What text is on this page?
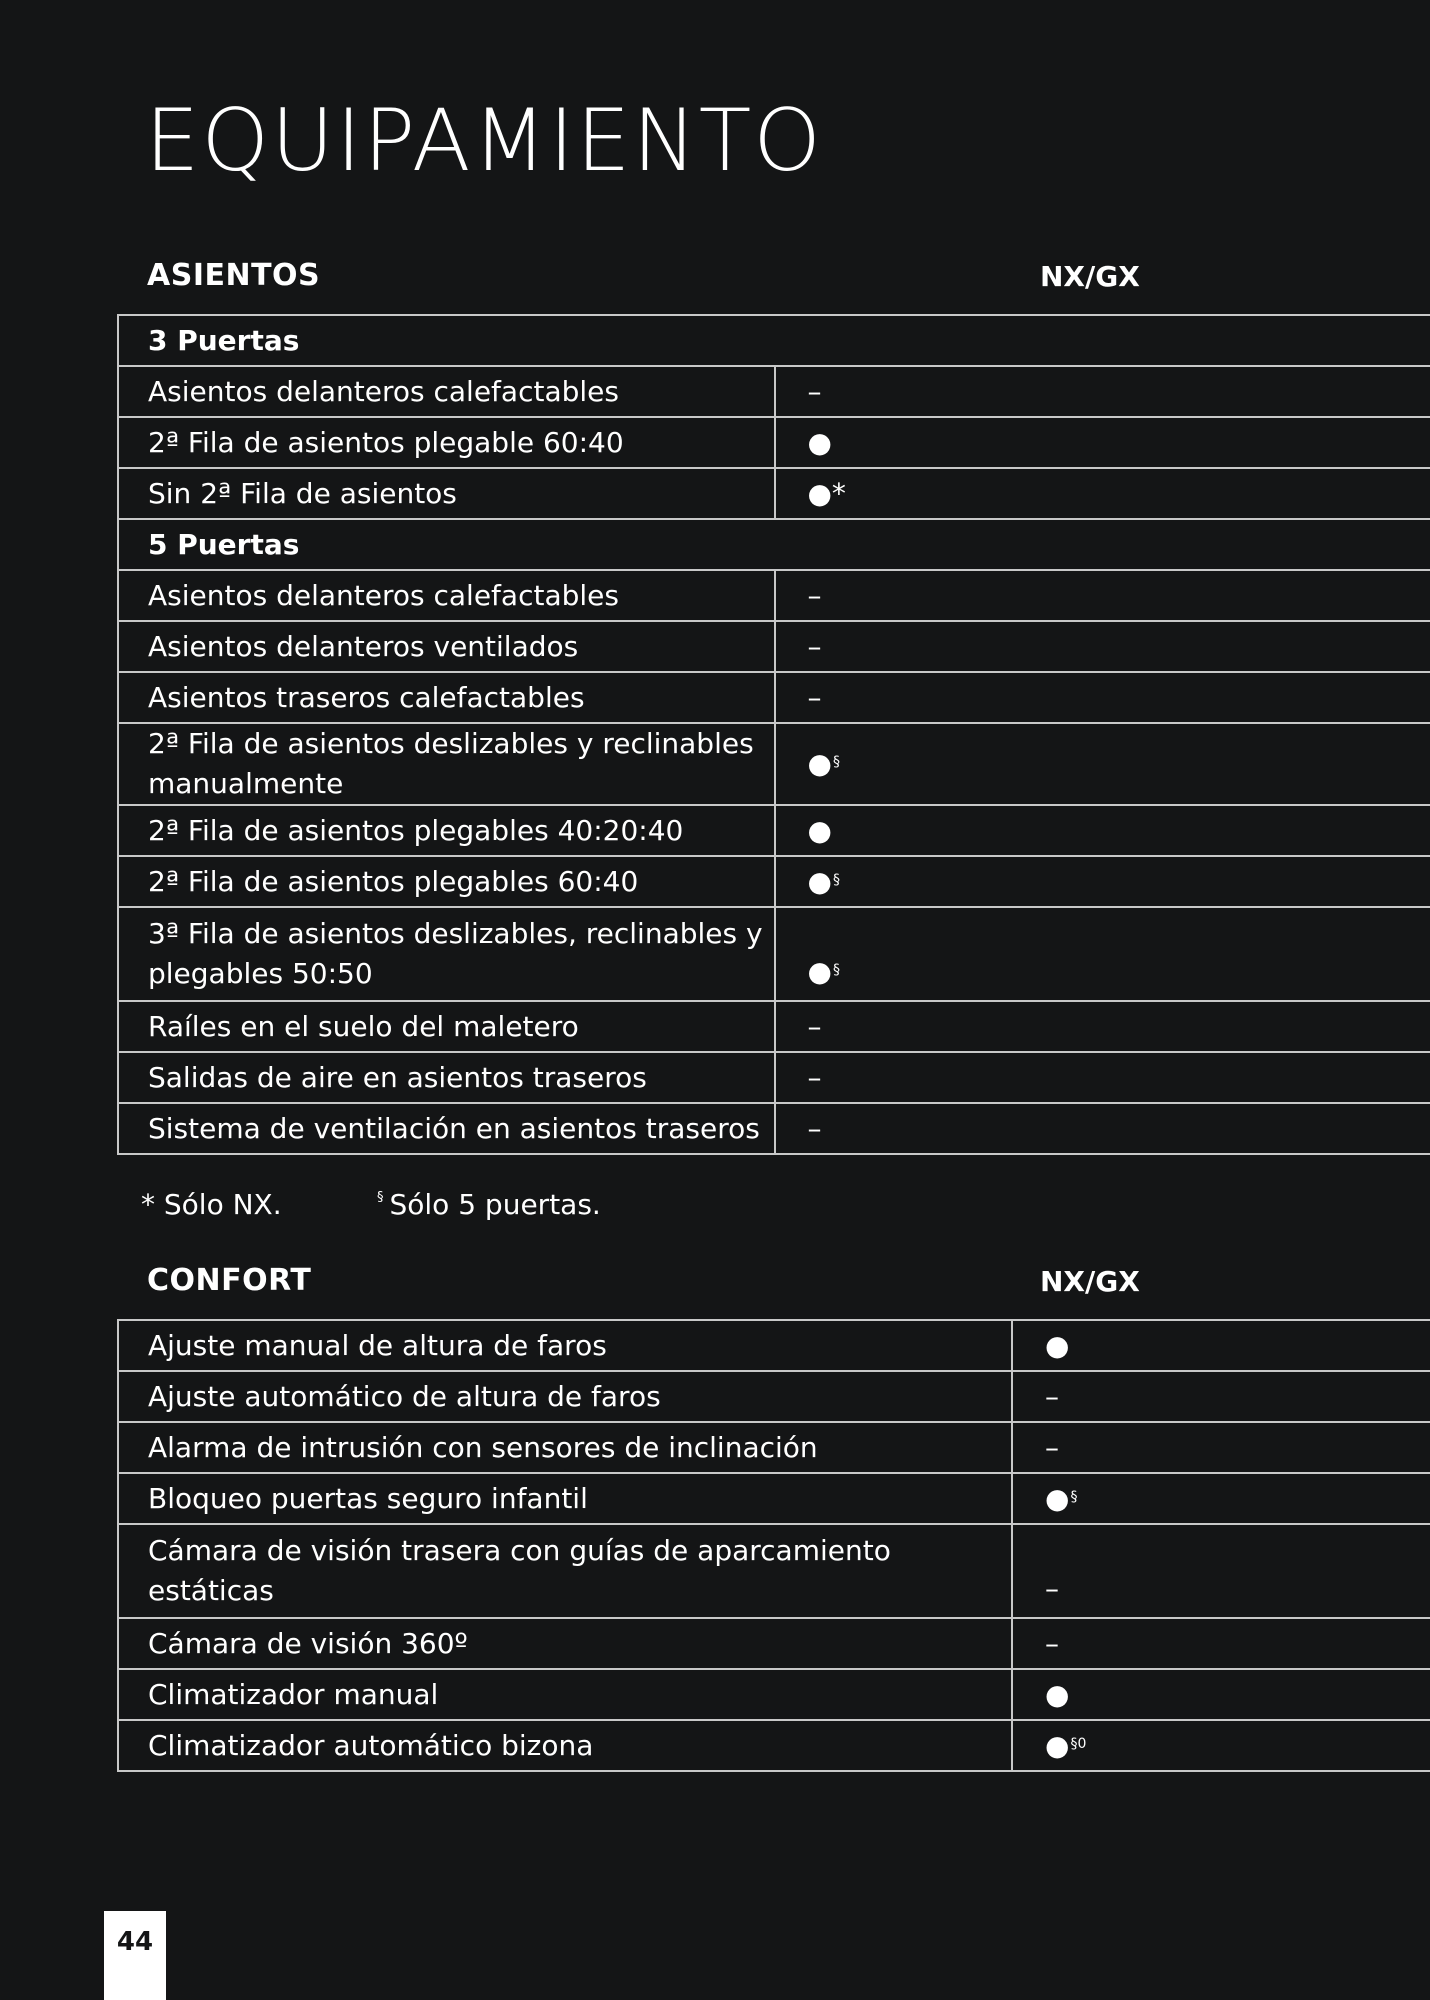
EQUIPAMIENTO
ASIENTOS	NX/GX
3 Puertas	
Asientos delanteros calefactables	–
2ª Fila de asientos plegable 60:40	●
Sin 2ª Fila de asientos	●*
5 Puertas	
Asientos delanteros calefactables	–
Asientos delanteros ventilados	–
Asientos traseros calefactables	–
2ª Fila de asientos deslizables y reclinables manualmente	●§
2ª Fila de asientos plegables 40:20:40	●
2ª Fila de asientos plegables 60:40	●§
3ª Fila de asientos deslizables, reclinables y plegables 50:50	●§
Raíles en el suelo del maletero	–
Salidas de aire en asientos traseros	–
Sistema de ventilación en asientos traseros	–
* Sólo NX.	§ Sólo 5 puertas.
CONFORT	NX/GX
Ajuste manual de altura de faros	●
Ajuste automático de altura de faros	–
Alarma de intrusión con sensores de inclinación	–
Bloqueo puertas seguro infantil	●§
Cámara de visión trasera con guías de aparcamiento estáticas	–
Cámara de visión 360º	–
Climatizador manual	●
Climatizador automático bizona	●$^{\S 0}$
44
